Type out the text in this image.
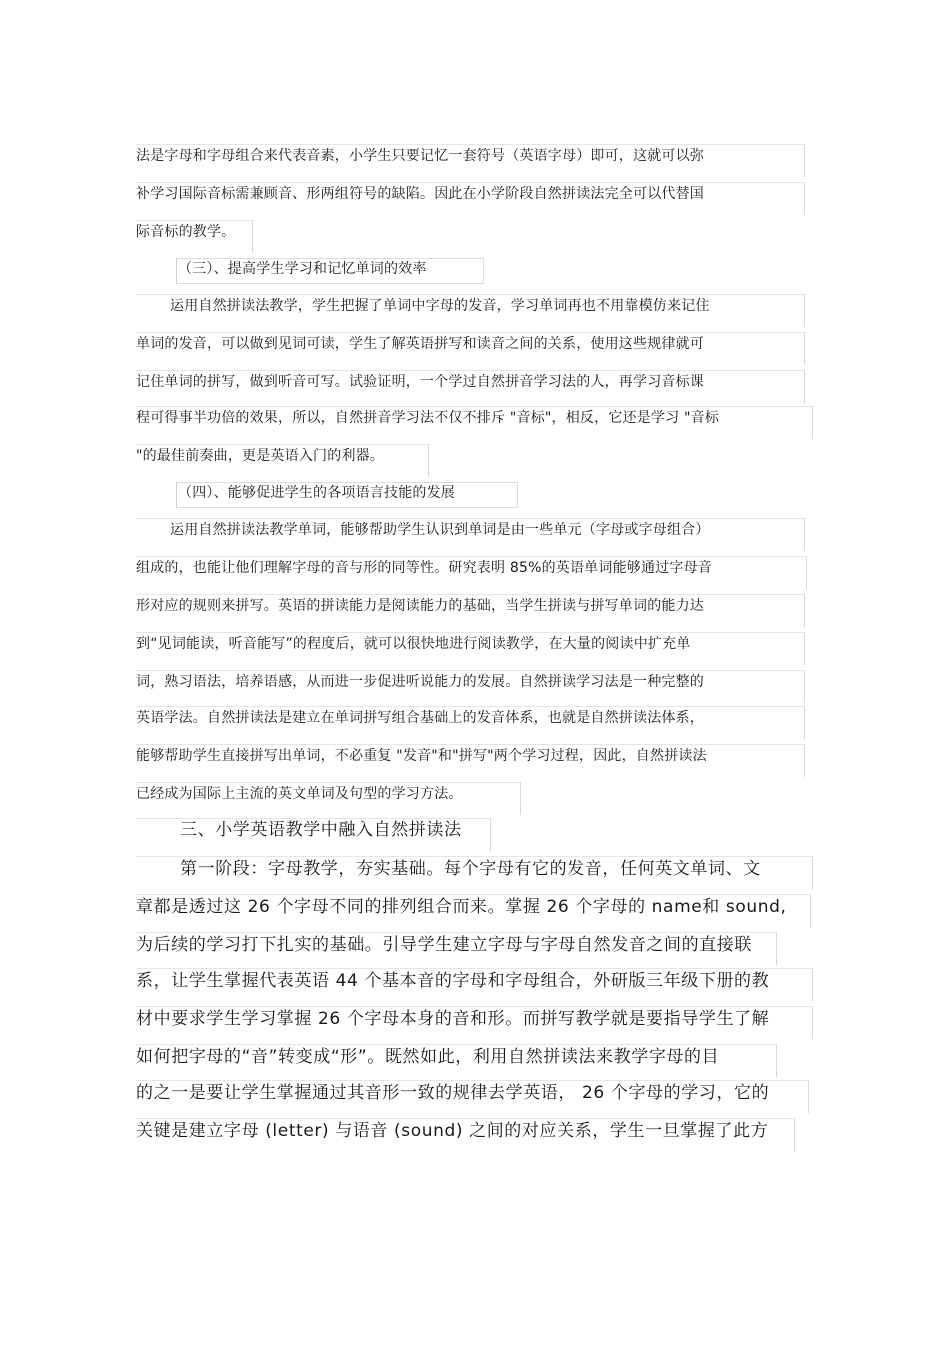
法是字母和字母组合来代表音素，小学生只要记忆一套符号（英语字母）即可，这就可以弥
补学习国际音标需兼顾音、形两组符号的缺陷。因此在小学阶段自然拼读法完全可以代替国
际音标的教学。
（三）、提高学生学习和记忆单词的效率
运用自然拼读法教学，学生把握了单词中字母的发音，学习单词再也不用靠模仿来记住
单词的发音，可以做到见词可读，学生了解英语拼写和读音之间的关系，使用这些规律就可
记住单词的拼写，做到听音可写。试验证明，一个学过自然拼音学习法的人，再学习音标课
程可得事半功倍的效果，所以，自然拼音学习法不仅不排斥 "音标"，相反，它还是学习 "音标
"的最佳前奏曲，更是英语入门的利器。
（四）、能够促进学生的各项语言技能的发展
运用自然拼读法教学单词，能够帮助学生认识到单词是由一些单元（字母或字母组合）
组成的，也能让他们理解字母的音与形的同等性。研究表明 85%的英语单词能够通过字母音
形对应的规则来拼写。英语的拼读能力是阅读能力的基础，当学生拼读与拼写单词的能力达
到“见词能读，听音能写”的程度后，就可以很快地进行阅读教学，在大量的阅读中扩充单
词，熟习语法，培养语感，从而进一步促进听说能力的发展。自然拼读学习法是一种完整的
英语学法。自然拼读法是建立在单词拼写组合基础上的发音体系，也就是自然拼读法体系，
能够帮助学生直接拼写出单词，不必重复 "发音"和"拼写"两个学习过程，因此，自然拼读法
已经成为国际上主流的英文单词及句型的学习方法。
三、小学英语教学中融入自然拼读法
第一阶段：字母教学，夯实基础。每个字母有它的发音，任何英文单词、文
章都是透过这 26 个字母不同的排列组合而来。掌握 26 个字母的 name和 sound,
为后续的学习打下扎实的基础。引导学生建立字母与字母自然发音之间的直接联
系，让学生掌握代表英语 44 个基本音的字母和字母组合，外研版三年级下册的教
材中要求学生学习掌握 26 个字母本身的音和形。而拼写教学就是要指导学生了解
如何把字母的“音”转变成“形”。既然如此，利用自然拼读法来教学字母的目
的之一是要让学生掌握通过其音形一致的规律去学英语， 26 个字母的学习，它的
关键是建立字母 (letter) 与语音 (sound) 之间的对应关系，学生一旦掌握了此方
